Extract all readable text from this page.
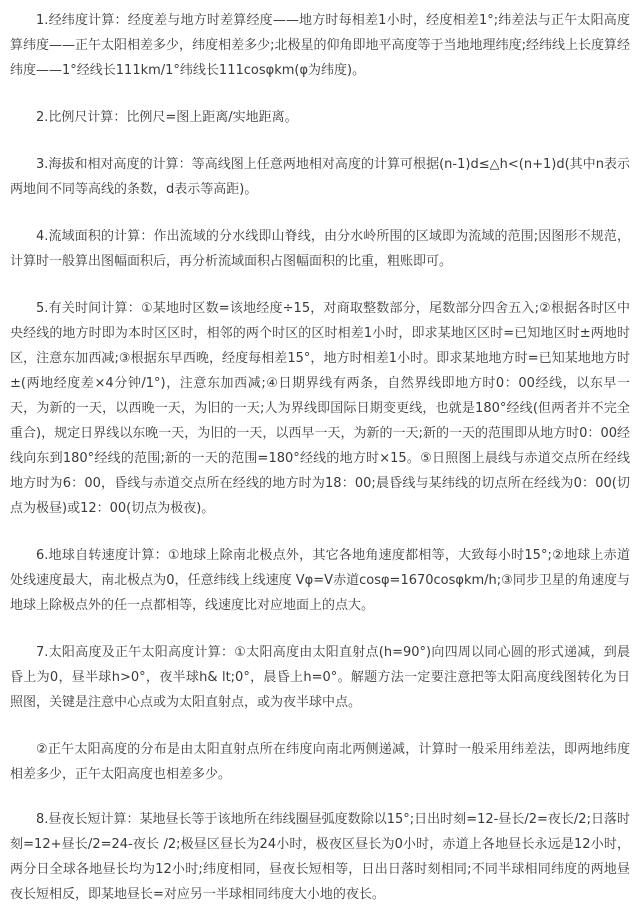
1.经纬度计算：经度差与地方时差算经度——地方时每相差1小时，经度相差1°;纬差法与正午太阳高度算纬度——正午太阳相差多少，纬度相差多少;北极星的仰角即地平高度等于当地地理纬度;经纬线上长度算经纬度——1°经线长111km/1°纬线长111cosφkm(φ为纬度)。

2.比例尺计算：比例尺=图上距离/实地距离。

3.海拔和相对高度的计算：等高线图上任意两地相对高度的计算可根据(n-1)d≤△h<(n+1)d(其中n表示两地间不同等高线的条数，d表示等高距)。

4.流域面积的计算：作出流域的分水线即山脊线，由分水岭所围的区域即为流域的范围;因图形不规范，计算时一般算出图幅面积后，再分析流域面积占图幅面积的比重，粗账即可。

5.有关时间计算：①某地时区数=该地经度÷15，对商取整数部分，尾数部分四舍五入;②根据各时区中央经线的地方时即为本时区区时，相邻的两个时区的区时相差1小时，即求某地区区时=已知地区时±两地时区，注意东加西减;③根据东早西晚，经度每相差15°，地方时相差1小时。即求某地地方时=已知某地地方时±(两地经度差×4分钟/1°)，注意东加西减;④日期界线有两条，自然界线即地方时0：00经线，以东早一天，为新的一天，以西晚一天，为旧的一天;人为界线即国际日期变更线，也就是180°经线(但两者并不完全重合)，规定日界线以东晚一天，为旧的一天，以西早一天，为新的一天;新的一天的范围即从地方时0：00经线向东到180°经线的范围;新的一天的范围=180°经线的地方时×15。⑤日照图上晨线与赤道交点所在经线地方时为6：00，昏线与赤道交点所在经线的地方时为18：00;晨昏线与某纬线的切点所在经线为0：00(切点为极昼)或12：00(切点为极夜)。

6.地球自转速度计算：①地球上除南北极点外，其它各地角速度都相等，大致每小时15°;②地球上赤道处线速度最大，南北极点为0，任意纬线上线速度 Vφ=V赤道cosφ=1670cosφkm/h;③同步卫星的角速度与地球上除极点外的任一点都相等，线速度比对应地面上的点大。

7.太阳高度及正午太阳高度计算：①太阳高度由太阳直射点(h=90°)向四周以同心圆的形式递减，到晨昏上为0，昼半球h>0°，夜半球h& lt;0°，晨昏上h=0°。解题方法一定要注意把等太阳高度线图转化为日照图，关键是注意中心点或为太阳直射点，或为夜半球中点。

②正午太阳高度的分布是由太阳直射点所在纬度向南北两侧递减，计算时一般采用纬差法，即两地纬度相差多少，正午太阳高度也相差多少。

8.昼夜长短计算：某地昼长等于该地所在纬线圈昼弧度数除以15°;日出时刻=12-昼长/2=夜长/2;日落时刻=12+昼长/2=24-夜长 /2;极昼区昼长为24小时，极夜区昼长为0小时，赤道上各地昼长永远是12小时，两分日全球各地昼长均为12小时;纬度相同，昼夜长短相等，日出日落时刻相同;不同半球相同纬度的两地昼夜长短相反，即某地昼长=对应另一半球相同纬度大小地的夜长。
